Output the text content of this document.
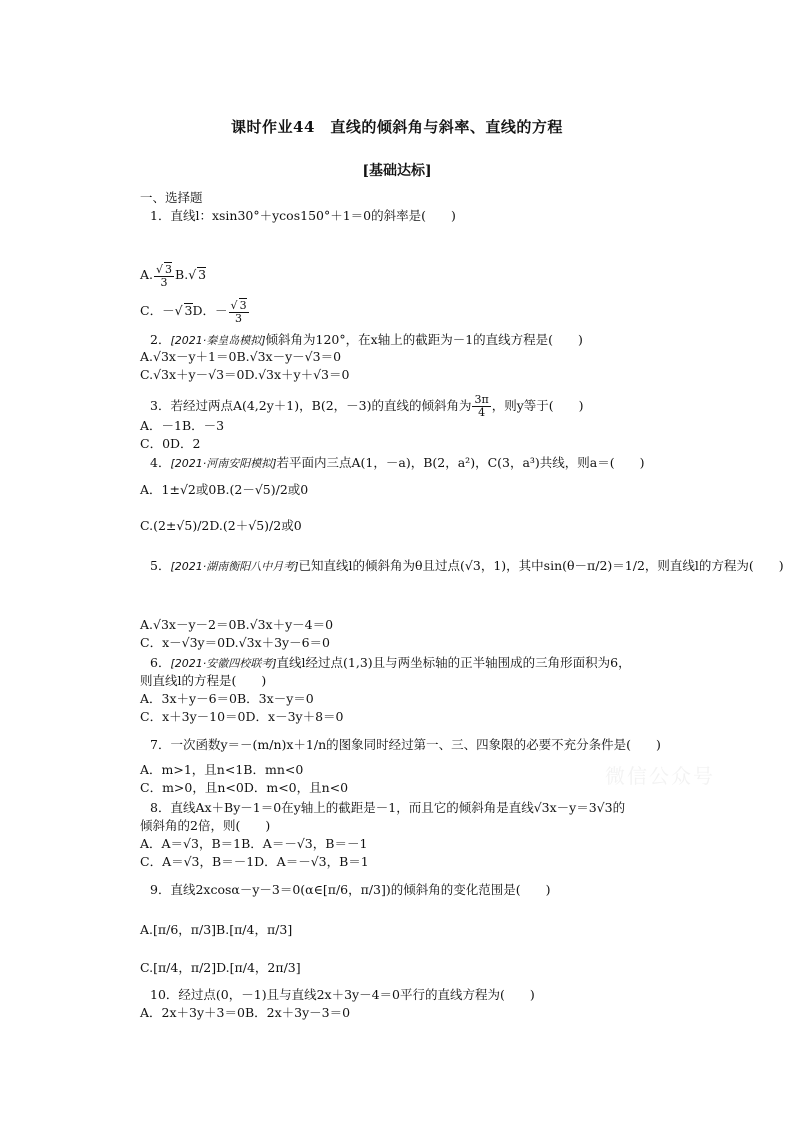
课时作业44　直线的倾斜角与斜率、直线的方程
[基础达标]
一、选择题
1．直线l：xsin30°＋ycos150°＋1＝0的斜率是(　　)
A. $\frac{√ 3}{3} B.√$ 3
C．－√ 3D．－ $\frac{√ 3}{3}$
2．[2021·秦皇岛模拟]倾斜角为120°，在x轴上的截距为－1的直线方程是(　　)
A.√3x－y＋1＝0B.√3x－y－√3＝0
C.√3x＋y－√3＝0D.√3x＋y＋√3＝0
3．若经过两点A(4,2y＋1)，B(2，－3)的直线的倾斜角为 $\frac{3\pi}{4}$ ，则y等于(　　)
A．－1B．－3
C．0D．2
4．[2021·河南安阳模拟]若平面内三点A(1，－a)，B(2，a²)，C(3，a³)共线，则a＝(　　)
A．1±√2或0B.(2－√5)/2或0
C.(2±√5)/2D.(2＋√5)/2或0
5．[2021·湖南衡阳八中月考]已知直线l的倾斜角为θ且过点(√3，1)，其中sin(θ－π/2)＝1/2，则直线l的方程为(　　)
A.√3x－y－2＝0B.√3x＋y－4＝0
C．x－√3y＝0D.√3x＋3y－6＝0
6．[2021·安徽四校联考]直线l经过点(1,3)且与两坐标轴的正半轴围成的三角形面积为6，
则直线l的方程是(　　)
A．3x＋y－6＝0B．3x－y＝0
C．x＋3y－10＝0D．x－3y＋8＝0
7．一次函数y＝－(m/n)x＋1/n的图象同时经过第一、三、四象限的必要不充分条件是(　　)
A．m>1，且n<1B．mn<0
C．m>0，且n<0D．m<0，且n<0
8．直线Ax＋By－1＝0在y轴上的截距是－1，而且它的倾斜角是直线√3x－y＝3√3的
倾斜角的2倍，则(　　)
A．A＝√3，B＝1B．A＝－√3，B＝－1
C．A＝√3，B＝－1D．A＝－√3，B＝1
9．直线2xcosα－y－3＝0(α∈[π/6，π/3])的倾斜角的变化范围是(　　)
A.[π/6，π/3]B.[π/4，π/3]
C.[π/4，π/2]D.[π/4，2π/3]
10．经过点(0，－1)且与直线2x＋3y－4＝0平行的直线方程为(　　)
A．2x＋3y＋3＝0B．2x＋3y－3＝0
微信公众号
